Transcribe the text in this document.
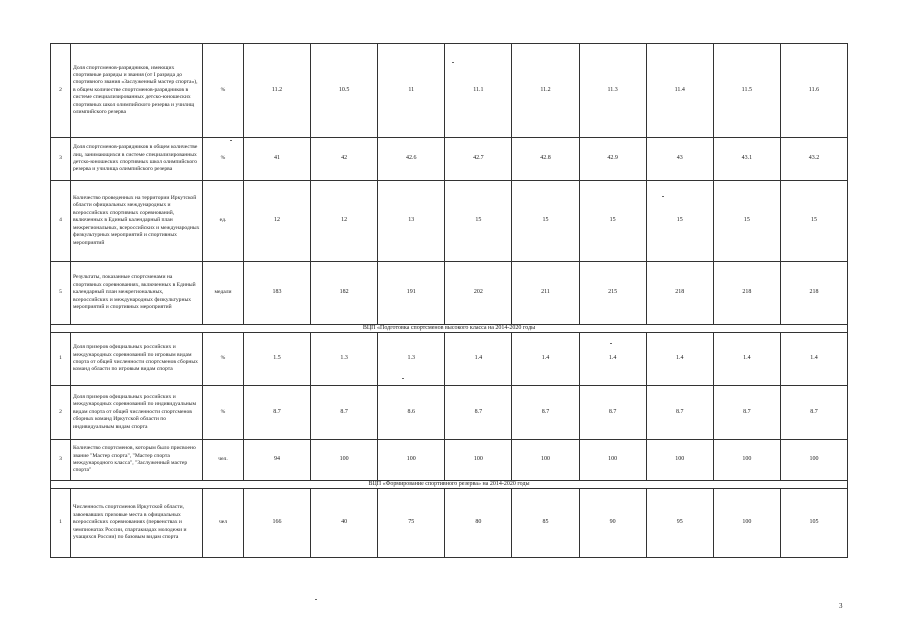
2	Доля спортсменов-разрядников, имеющих спортивные разряды и звания (от I разряда до спортивного звания «Заслуженный мастер спорта»), в общем количестве спортсменов-разрядников в системе специализированных детско-юношеских спортивных школ олимпийского резерва и училищ олимпийского резерва	%	11.2	10.5	11	11.1	11.2	11.3	11.4	11.5	11.6
3	Доля спортсменов-разрядников в общем количестве лиц, занимающихся в системе специализированных детско-юношеских спортивных школ олимпийского резерва и училища олимпийского резерва	%	41	42	42.6	42.7	42.8	42.9	43	43.1	43.2
4	Количество проведенных на территории Иркутской области официальных международных и всероссийских спортивных соревнований, включенных в Единый календарный план межрегиональных, всероссийских и международных физкультурных мероприятий и спортивных мероприятий	ед.	12	12	13	15	15	15	15	15	15
5	Результаты, показанные спортсменами на спортивных соревнованиях, включенных в Единый календарный план межрегиональных, всероссийских и международных физкультурных мероприятий и спортивных мероприятий	медали	183	182	191	202	211	215	218	218	218
ВЦП «Подготовка спортсменов высокого класса на 2014-2020 годы											
1	Доля призеров официальных российских и международных соревнований по игровым видам спорта от общей численности спортсменов сборных команд области по игровым видам спорта	%	1.5	1.3	1.3	1.4	1.4	1.4	1.4	1.4	1.4
2	Доля призеров официальных российских и международных соревнований по индивидуальным видам спорта от общей численности спортсменов сборных команд Иркутской области по индивидуальным видам спорта	%	8.7	8.7	8.6	8.7	8.7	8.7	8.7	8.7	8.7
3	Количество спортсменов, которым было присвоено звание "Мастер спорта", "Мастер спорта международного класса", "Заслуженный мастер спорта"	чел.	94	100	100	100	100	100	100	100	100
ВЦП «Формирование спортивного резерва» на 2014-2020 годы											
1	Численность спортсменов Иркутской области, завоевавших призовые места в официальных всероссийских соревнованиях (первенствах и чемпионатах России, спартакиадах молодежи и учащихся России) по базовым видам спорта	чел	166	40	75	80	85	90	95	100	105
3
